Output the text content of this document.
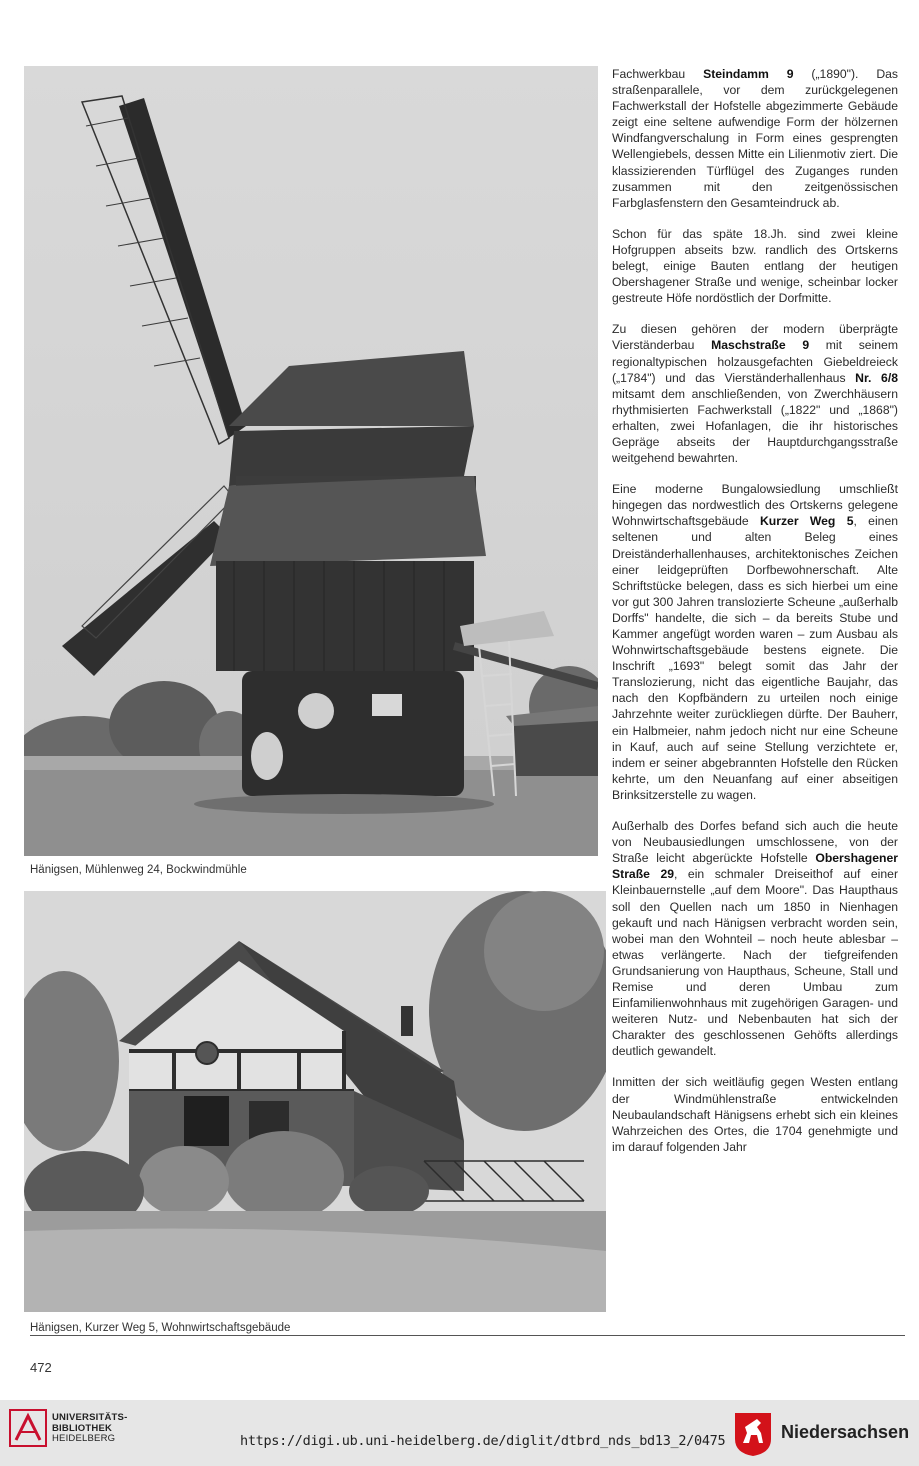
Hänigsen, Mühlenweg 24, Bockwindmühle
Hänigsen, Kurzer Weg 5, Wohnwirtschaftsgebäude

Fachwerkbau Steindamm 9 („1890"). Das straßenparallele, vor dem zurückgelegenen Fachwerkstall der Hofstelle abgezimmerte Gebäude zeigt eine seltene aufwendige Form der hölzernen Windfangverschalung in Form eines gesprengten Wellengiebels, dessen Mitte ein Lilienmotiv ziert. Die klassizierenden Türflügel des Zuganges runden zusammen mit den zeitgenössischen Farbglasfenstern den Gesamteindruck ab.

Schon für das späte 18.Jh. sind zwei kleine Hofgruppen abseits bzw. randlich des Ortskerns belegt, einige Bauten entlang der heutigen Obershagener Straße und wenige, scheinbar locker gestreute Höfe nordöstlich der Dorfmitte.

Zu diesen gehören der modern überprägte Vierständerbau Maschstraße 9 mit seinem regionaltypischen holzausgefachten Giebeldreieck („1784") und das Vierständerhallenhaus Nr. 6/8 mitsamt dem anschließenden, von Zwerchhäusern rhythmisierten Fachwerkstall („1822" und „1868") erhalten, zwei Hofanlagen, die ihr historisches Gepräge abseits der Hauptdurchgangsstraße weitgehend bewahrten.

Eine moderne Bungalowsiedlung umschließt hingegen das nordwestlich des Ortskerns gelegene Wohnwirtschaftsgebäude Kurzer Weg 5, einen seltenen und alten Beleg eines Dreiständerhallenhauses, architektonisches Zeichen einer leidgeprüften Dorfbewohnerschaft. Alte Schriftstücke belegen, dass es sich hierbei um eine vor gut 300 Jahren translozierte Scheune „außerhalb Dorffs" handelte, die sich – da bereits Stube und Kammer angefügt worden waren – zum Ausbau als Wohnwirtschaftsgebäude bestens eignete. Die Inschrift „1693" belegt somit das Jahr der Translozierung, nicht das eigentliche Baujahr, das nach den Kopfbändern zu urteilen noch einige Jahrzehnte weiter zurückliegen dürfte. Der Bauherr, ein Halbmeier, nahm jedoch nicht nur eine Scheune in Kauf, auch auf seine Stellung verzichtete er, indem er seiner abgebrannten Hofstelle den Rücken kehrte, um den Neuanfang auf einer abseitigen Brinksitzerstelle zu wagen.

Außerhalb des Dorfes befand sich auch die heute von Neubausiedlungen umschlossene, von der Straße leicht abgerückte Hofstelle Obershagener Straße 29, ein schmaler Dreiseithof auf einer Kleinbauernstelle „auf dem Moore". Das Haupthaus soll den Quellen nach um 1850 in Nienhagen gekauft und nach Hänigsen verbracht worden sein, wobei man den Wohnteil – noch heute ablesbar – etwas verlängerte. Nach der tiefgreifenden Grundsanierung von Haupthaus, Scheune, Stall und Remise und deren Umbau zum Einfamilienwohnhaus mit zugehörigen Garagen- und weiteren Nutz- und Nebenbauten hat sich der Charakter des geschlossenen Gehöfts allerdings deutlich gewandelt.

Inmitten der sich weitläufig gegen Westen entlang der Windmühlenstraße entwickelnden Neubaulandschaft Hänigsens erhebt sich ein kleines Wahrzeichen des Ortes, die 1704 genehmigte und im darauf folgenden Jahr

472
UNIVERSITÄTS-
BIBLIOTHEK
HEIDELBERG	https://digi.ub.uni-heidelberg.de/diglit/dtbrd_nds_bd13_2/0475	Niedersachsen
